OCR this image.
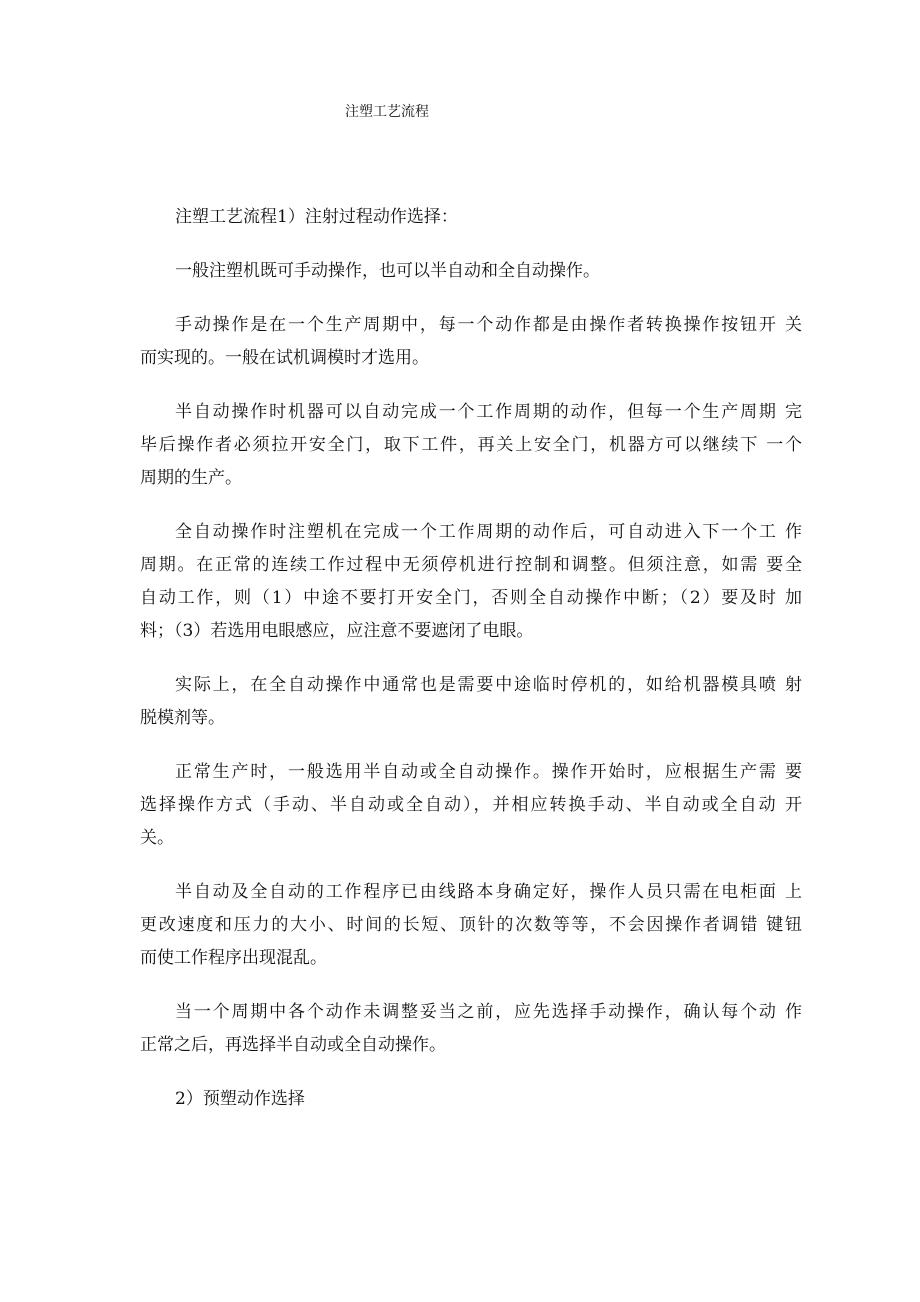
注塑工艺流程
注塑工艺流程1）注射过程动作选择：
一般注塑机既可手动操作，也可以半自动和全自动操作。
手动操作是在一个生产周期中，每一个动作都是由操作者转换操作按钮开 关
而实现的。一般在试机调模时才选用。
半自动操作时机器可以自动完成一个工作周期的动作，但每一个生产周期 完
毕后操作者必须拉开安全门，取下工件，再关上安全门，机器方可以继续下 一个
周期的生产。
全自动操作时注塑机在完成一个工作周期的动作后，可自动进入下一个工 作
周期。在正常的连续工作过程中无须停机进行控制和调整。但须注意，如需 要全
自动工作，则（1）中途不要打开安全门，否则全自动操作中断；（2）要及时 加
料；（3）若选用电眼感应，应注意不要遮闭了电眼。
实际上，在全自动操作中通常也是需要中途临时停机的，如给机器模具喷 射
脱模剂等。
正常生产时，一般选用半自动或全自动操作。操作开始时，应根据生产需 要
选择操作方式（手动、半自动或全自动），并相应转换手动、半自动或全自动 开
关。
半自动及全自动的工作程序已由线路本身确定好，操作人员只需在电柜面 上
更改速度和压力的大小、时间的长短、顶针的次数等等，不会因操作者调错 键钮
而使工作程序出现混乱。
当一个周期中各个动作未调整妥当之前，应先选择手动操作，确认每个动 作
正常之后，再选择半自动或全自动操作。
2）预塑动作选择
